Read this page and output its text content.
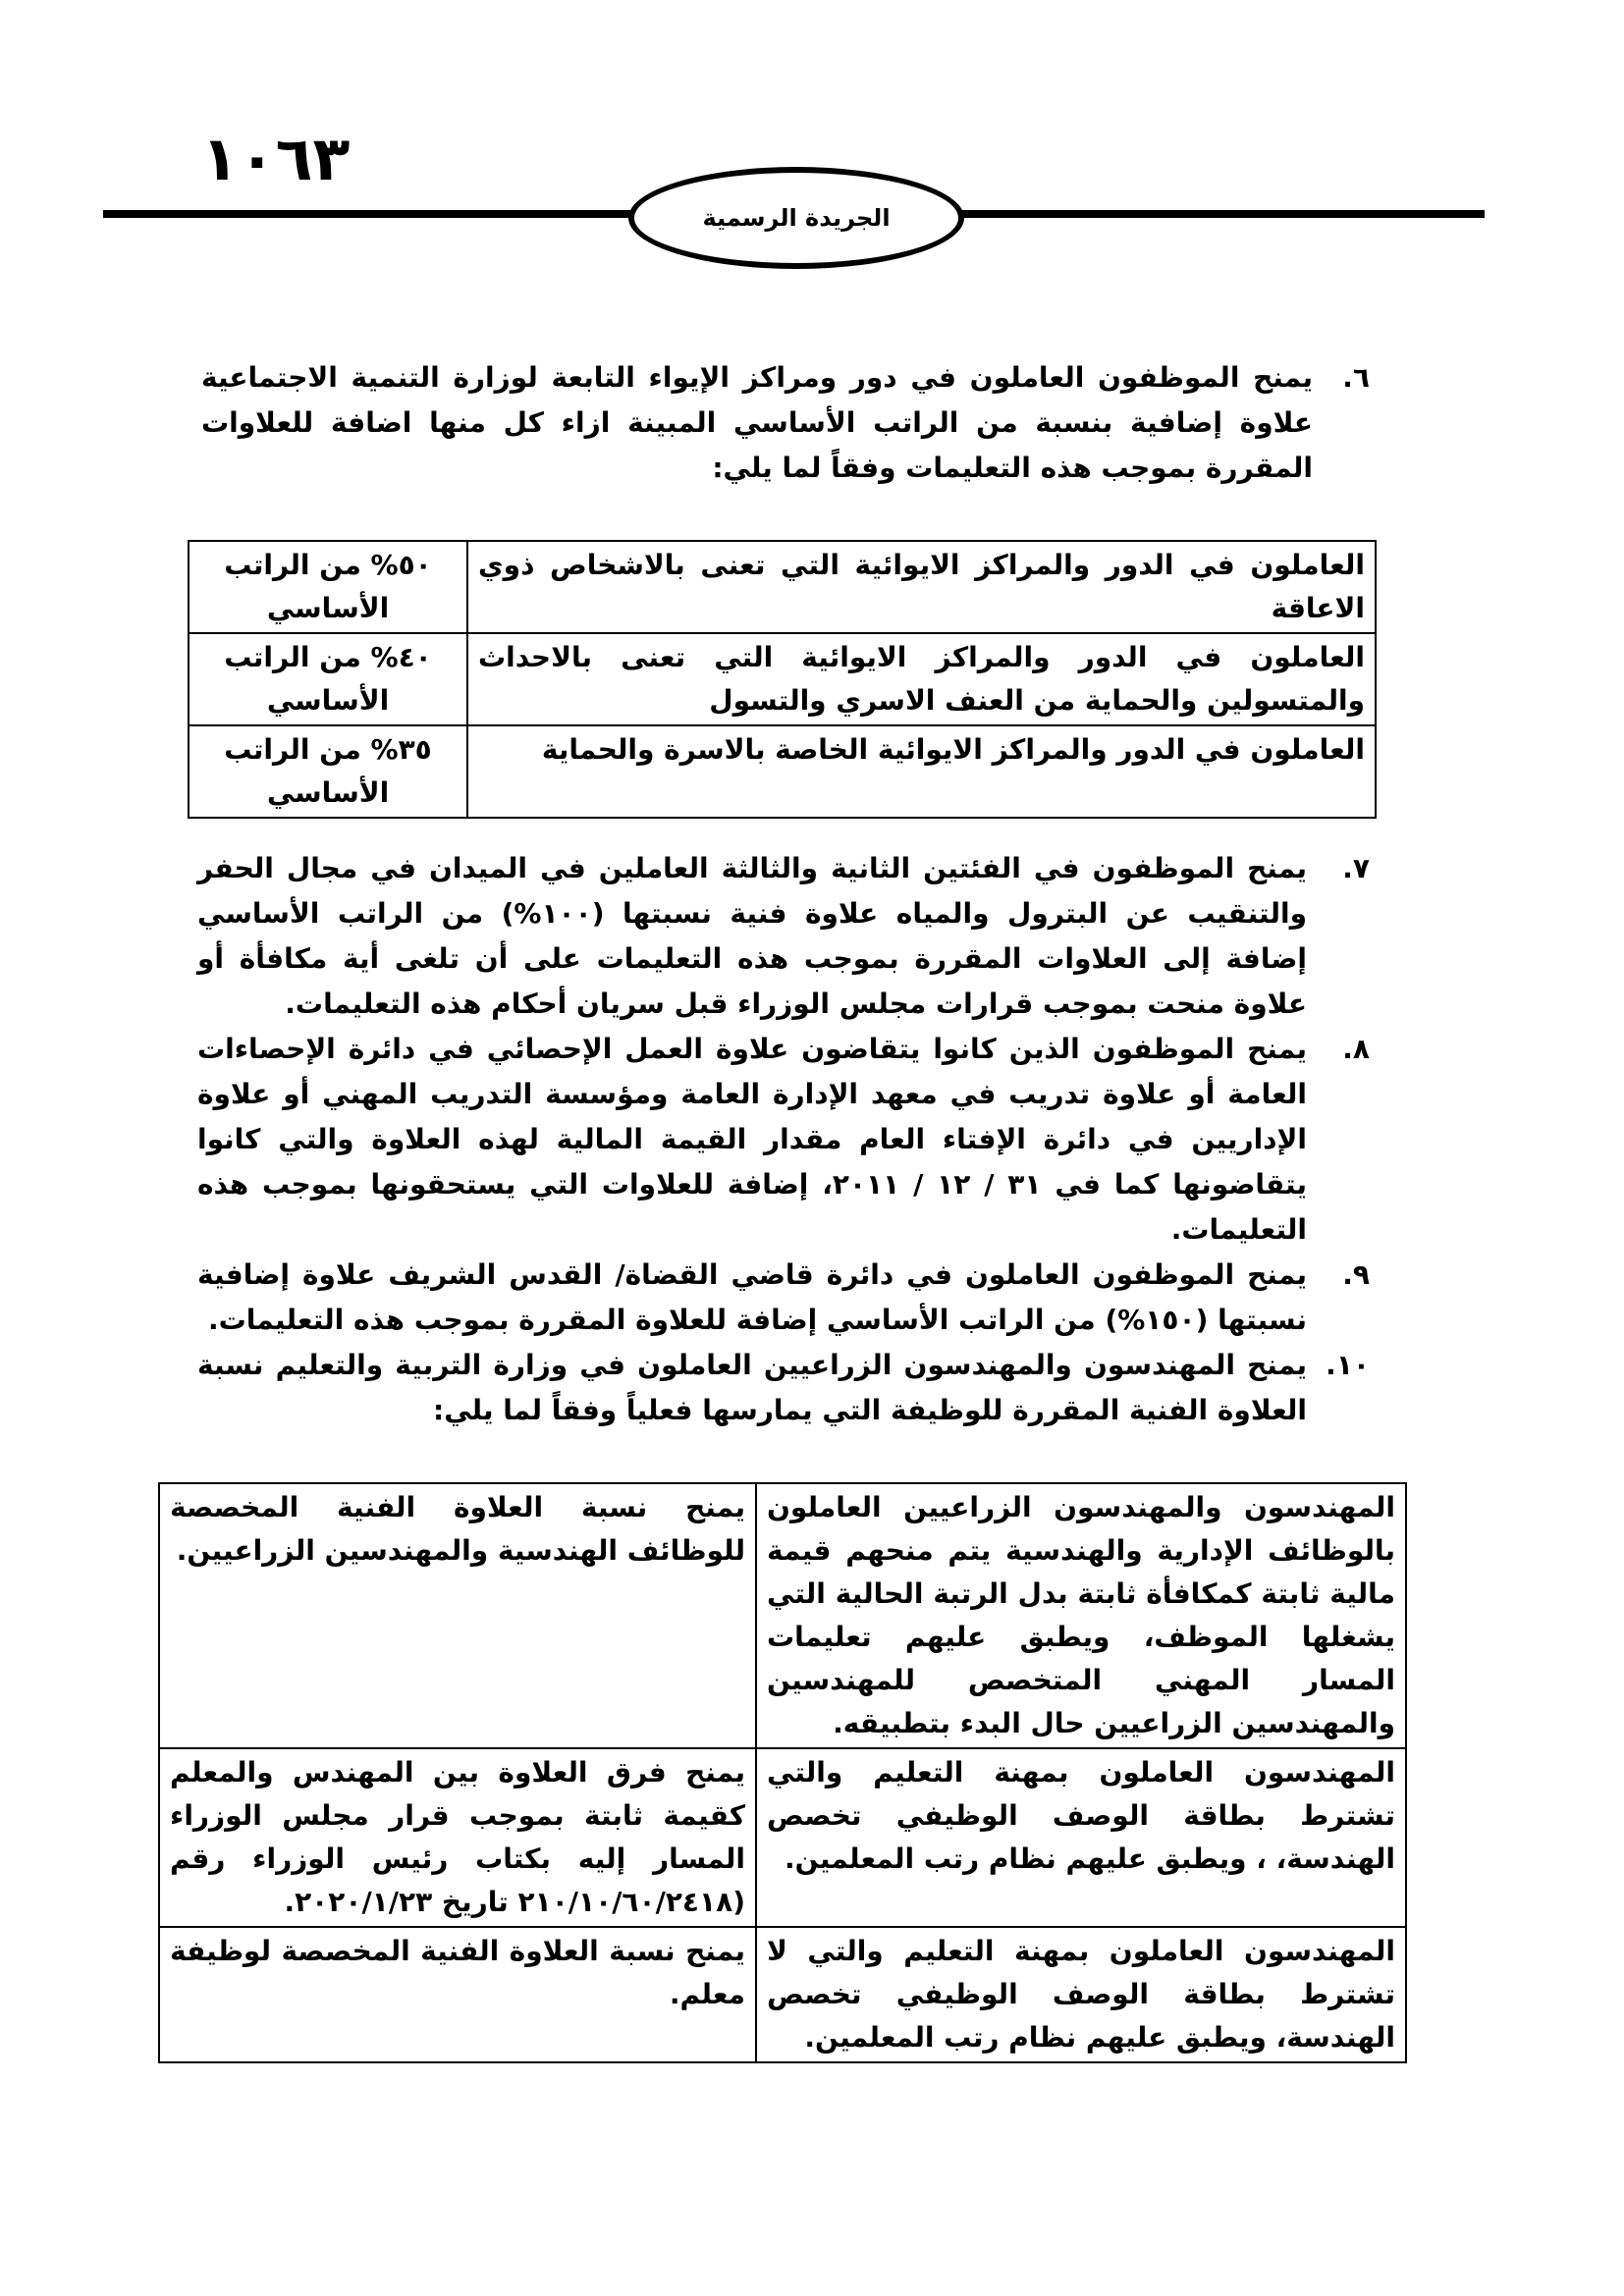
١٠٦٣
الجريدة الرسمية
٦.
يمنح الموظفون العاملون في دور ومراكز الإيواء التابعة لوزارة التنمية الاجتماعية علاوة إضافية بنسبة من الراتب الأساسي المبينة ازاء كل منها اضافة للعلاوات المقررة بموجب هذه التعليمات وفقاً لما يلي:
العاملون في الدور والمراكز الايوائية التي تعنى بالاشخاص ذوي الاعاقة	٥٠% من الراتب الأساسي
العاملون في الدور والمراكز الايوائية التي تعنى بالاحداث والمتسولين والحماية من العنف الاسري والتسول	٤٠% من الراتب الأساسي
العاملون في الدور والمراكز الايوائية الخاصة بالاسرة والحماية	٣٥% من الراتب الأساسي
٧.
يمنح الموظفون في الفئتين الثانية والثالثة العاملين في الميدان في مجال الحفر والتنقيب عن البترول والمياه علاوة فنية نسبتها (١٠٠%) من الراتب الأساسي إضافة إلى العلاوات المقررة بموجب هذه التعليمات على أن تلغى أية مكافأة أو علاوة منحت بموجب قرارات مجلس الوزراء قبل سريان أحكام هذه التعليمات.
٨.
يمنح الموظفون الذين كانوا يتقاضون علاوة العمل الإحصائي في دائرة الإحصاءات العامة أو علاوة تدريب في معهد الإدارة العامة ومؤسسة التدريب المهني أو علاوة الإداريين في دائرة الإفتاء العام مقدار القيمة المالية لهذه العلاوة والتي كانوا يتقاضونها كما في ٣١ / ١٢ / ٢٠١١، إضافة للعلاوات التي يستحقونها بموجب هذه التعليمات.
٩.
يمنح الموظفون العاملون في دائرة قاضي القضاة/ القدس الشريف علاوة إضافية نسبتها (١٥٠%) من الراتب الأساسي إضافة للعلاوة المقررة بموجب هذه التعليمات.
١٠.
يمنح المهندسون والمهندسون الزراعيين العاملون في وزارة التربية والتعليم نسبة العلاوة الفنية المقررة للوظيفة التي يمارسها فعلياً وفقاً لما يلي:
المهندسون والمهندسون الزراعيين العاملون بالوظائف الإدارية والهندسية يتم منحهم قيمة مالية ثابتة كمكافأة ثابتة بدل الرتبة الحالية التي يشغلها الموظف، ويطبق عليهم تعليمات المسار المهني المتخصص للمهندسين والمهندسين الزراعيين حال البدء بتطبيقه.	يمنح نسبة العلاوة الفنية المخصصة للوظائف الهندسية والمهندسين الزراعيين.
المهندسون العاملون بمهنة التعليم والتي تشترط بطاقة الوصف الوظيفي تخصص الهندسة، ، ويطبق عليهم نظام رتب المعلمين.	يمنح فرق العلاوة بين المهندس والمعلم كقيمة ثابتة بموجب قرار مجلس الوزراء المسار إليه بكتاب رئيس الوزراء رقم (٢١٠/١٠/٦٠/٢٤١٨ تاريخ ٢٠٢٠/١/٢٣.
المهندسون العاملون بمهنة التعليم والتي لا تشترط بطاقة الوصف الوظيفي تخصص الهندسة، ويطبق عليهم نظام رتب المعلمين.	يمنح نسبة العلاوة الفنية المخصصة لوظيفة معلم.
